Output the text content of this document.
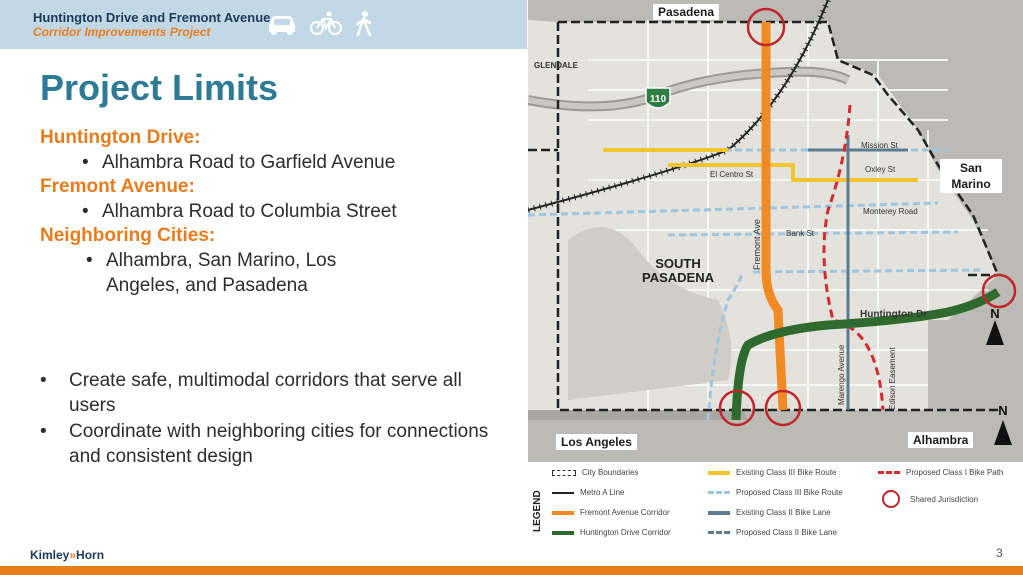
Huntington Drive and Fremont Avenue
Corridor Improvements Project
Project Limits

Huntington Drive:

• Alhambra Road to Garfield Avenue

Fremont Avenue:

• Alhambra Road to Columbia Street

Neighboring Cities:

• Alhambra, San Marino, Los Angeles, and Pasadena
• Create safe, multimodal corridors that serve all users
• Coordinate with neighboring cities for connections and consistent design
110
N
N
Mission St
El Centro St
Oxley St
Monterey Road
Bank St
Huntington Dr
Fremont Ave
Marengo Avenue	Edison Easement
GLENDALE
SOUTH PASADENA
Pasadena
San Marino
Los Angeles	Alhambra
LEGEND
City Boundaries
Metro A Line
Fremont Avenue Corridor
Huntington Drive Corridor
Existing Class III Bike Route
Proposed Class III Bike Route
Existing Class II Bike Lane
Proposed Class II Bike Lane
Proposed Class I Bike Path
Shared Jurisdiction
Kimley»Horn	3
